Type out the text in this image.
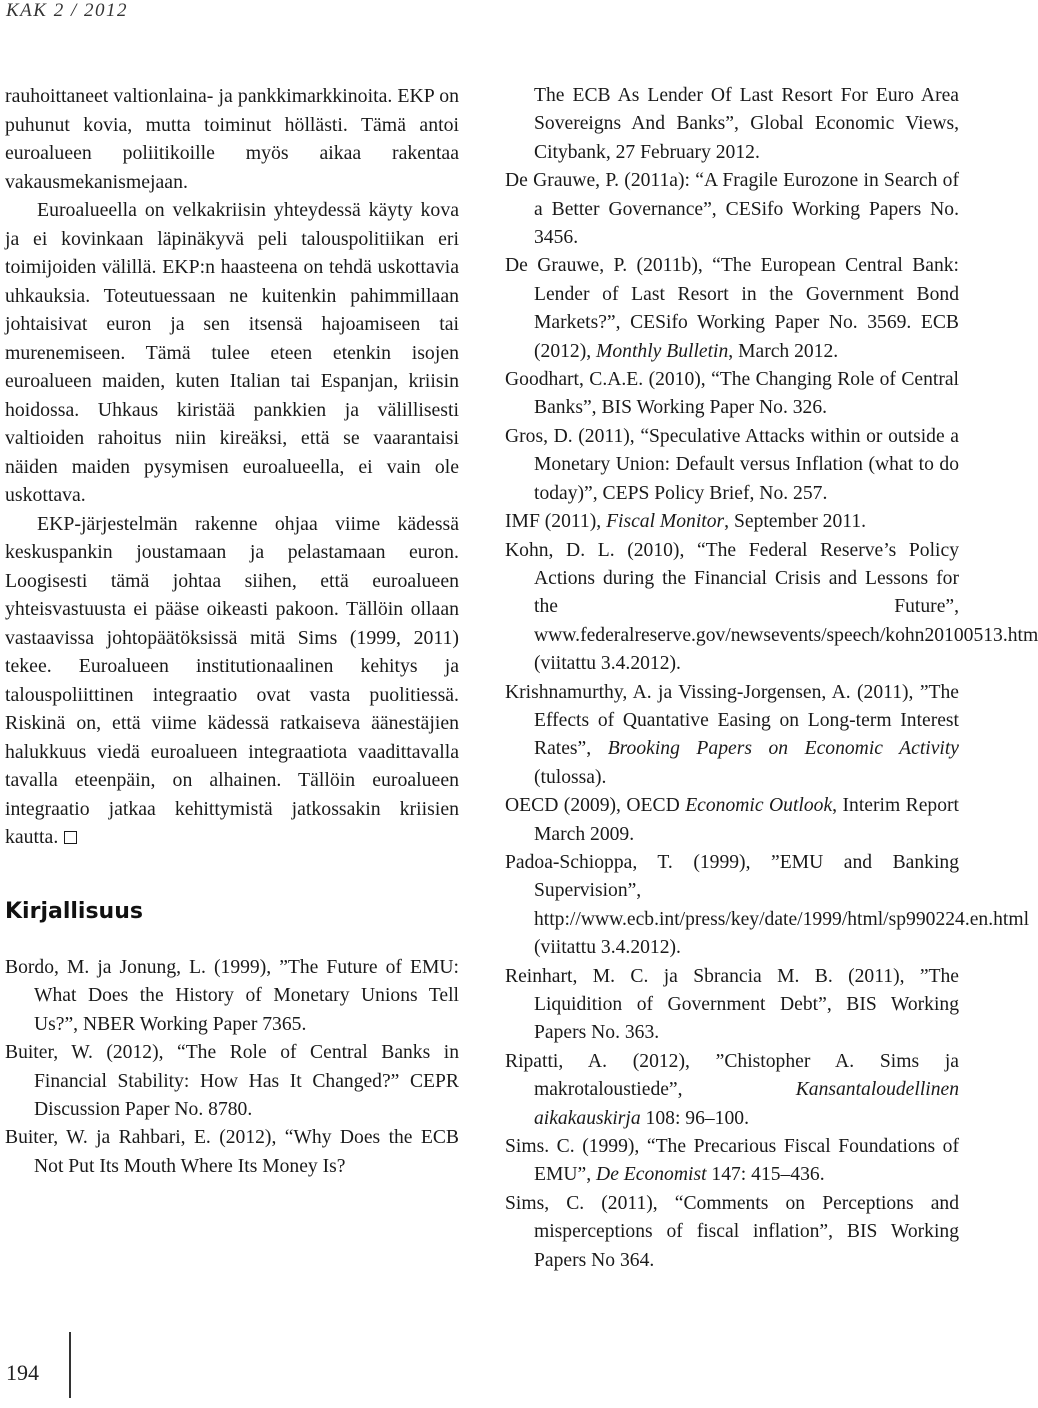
KAK 2 / 2012

rauhoittaneet valtionlaina- ja pankkimarkkinoita. EKP on puhunut kovia, mutta toiminut höllästi. Tämä antoi euroalueen poliitikoille myös aikaa rakentaa vakausmekanismejaan.

Euroalueella on velkakriisin yhteydessä käyty kova ja ei kovinkaan läpinäkyvä peli talouspolitiikan eri toimijoiden välillä. EKP:n haasteena on tehdä uskottavia uhkauksia. Toteutuessaan ne kuitenkin pahimmillaan johtaisivat euron ja sen itsensä hajoamiseen tai murenemiseen. Tämä tulee eteen etenkin isojen euroalueen maiden, kuten Italian tai Espanjan, kriisin hoidossa. Uhkaus kiristää pankkien ja välillisesti valtioiden rahoitus niin kireäksi, että se vaarantaisi näiden maiden pysymisen euroalueella, ei vain ole uskottava.

EKP-järjestelmän rakenne ohjaa viime kädessä keskuspankin joustamaan ja pelastamaan euron. Loogisesti tämä johtaa siihen, että euroalueen yhteisvastuusta ei pääse oikeasti pakoon. Tällöin ollaan vastaavissa johtopäätöksissä mitä Sims (1999, 2011) tekee. Euroalueen institutionaalinen kehitys ja talouspoliittinen integraatio ovat vasta puolitiessä. Riskinä on, että viime kädessä ratkaiseva äänestäjien halukkuus viedä euroalueen integraatiota vaadittavalla tavalla eteenpäin, on alhainen. Tällöin euroalueen integraatio jatkaa kehittymistä jatkossakin kriisien kautta.

Kirjallisuus

Bordo, M. ja Jonung, L. (1999), ”The Future of EMU: What Does the History of Monetary Unions Tell Us?”, NBER Working Paper 7365.

Buiter, W. (2012), “The Role of Central Banks in Financial Stability: How Has It Changed?” CEPR Discussion Paper No. 8780.

Buiter, W. ja Rahbari, E. (2012), “Why Does the ECB Not Put Its Mouth Where Its Money Is?

The ECB As Lender Of Last Resort For Euro Area Sovereigns And Banks”, Global Economic Views, Citybank, 27 February 2012.

De Grauwe, P. (2011a): “A Fragile Eurozone in Search of a Better Governance”, CESifo Working Papers No. 3456.

De Grauwe, P. (2011b), “The European Central Bank: Lender of Last Resort in the Government Bond Markets?”, CESifo Working Paper No. 3569. ECB (2012), Monthly Bulletin, March 2012.

Goodhart, C.A.E. (2010), “The Changing Role of Central Banks”, BIS Working Paper No. 326.

Gros, D. (2011), “Speculative Attacks within or outside a Monetary Union: Default versus Inflation (what to do today)”, CEPS Policy Brief, No. 257.

IMF (2011), Fiscal Monitor, September 2011.

Kohn, D. L. (2010), “The Federal Reserve’s Policy Actions during the Financial Crisis and Lessons for the Future”, www.federalreserve.gov/newsevents/speech/kohn20100513.htm (viitattu 3.4.2012).

Krishnamurthy, A. ja Vissing-Jorgensen, A. (2011), ”The Effects of Quantative Easing on Long-term Interest Rates”, Brooking Papers on Economic Activity (tulossa).

OECD (2009), OECD Economic Outlook, Interim Report March 2009.

Padoa-Schioppa, T. (1999), ”EMU and Banking Supervision”, http://www.ecb.int/press/key/date/1999/html/sp990224.en.html (viitattu 3.4.2012).

Reinhart, M. C. ja Sbrancia M. B. (2011), ”The Liquidition of Government Debt”, BIS Working Papers No. 363.

Ripatti, A. (2012), ”Chistopher A. Sims ja makrotaloustiede”, Kansantaloudellinen aikakauskirja 108: 96–100.

Sims. C. (1999), “The Precarious Fiscal Foundations of EMU”, De Economist 147: 415–436.

Sims, C. (2011), “Comments on Perceptions and misperceptions of fiscal inflation”, BIS Working Papers No 364.

194
